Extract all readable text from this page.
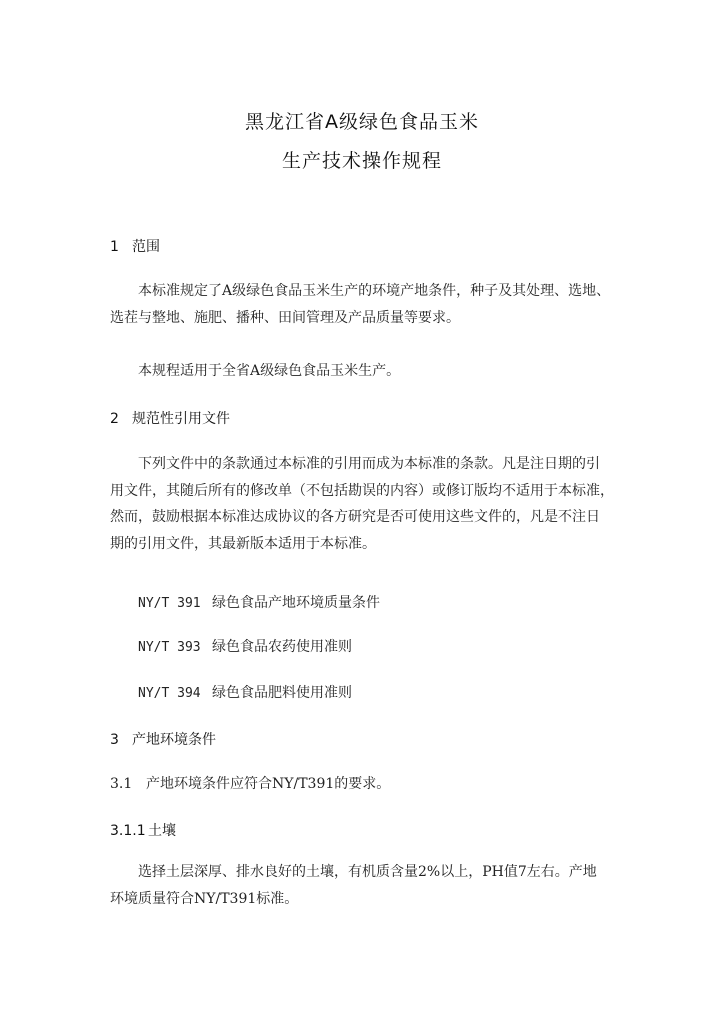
黑龙江省A级绿色食品玉米
生产技术操作规程
1 范围
本标准规定了A级绿色食品玉米生产的环境产地条件，种子及其处理、选地、
选茬与整地、施肥、播种、田间管理及产品质量等要求。
本规程适用于全省A级绿色食品玉米生产。
2 规范性引用文件
下列文件中的条款通过本标准的引用而成为本标准的条款。凡是注日期的引
用文件，其随后所有的修改单（不包括勘误的内容）或修订版均不适用于本标准，
然而，鼓励根据本标准达成协议的各方研究是否可使用这些文件的，凡是不注日
期的引用文件，其最新版本适用于本标准。
NY/T 391 绿色食品产地环境质量条件
NY/T 393 绿色食品农药使用准则
NY/T 394 绿色食品肥料使用准则
3 产地环境条件
3.1 产地环境条件应符合NY/T391的要求。
3.1.1 土壤
选择土层深厚、排水良好的土壤，有机质含量2%以上，PH值7左右。产地
环境质量符合NY/T391标准。
